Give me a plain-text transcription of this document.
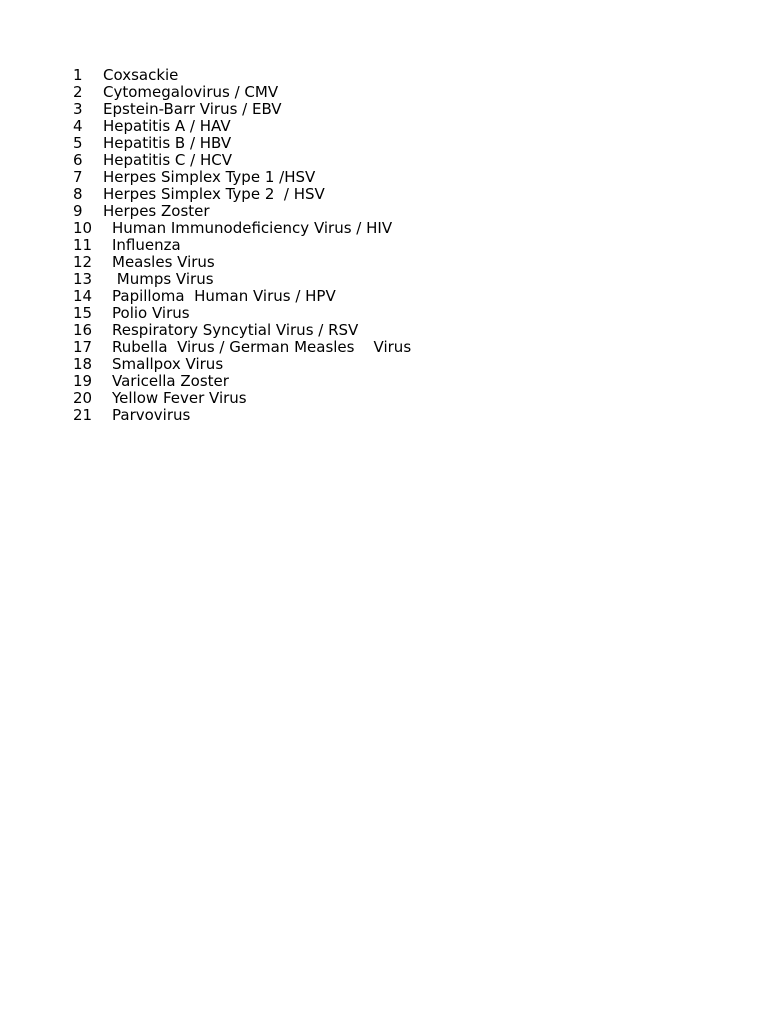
1	Coxsackie
2	Cytomegalovirus / CMV
3	Epstein-Barr Virus / EBV
4	Hepatitis A / HAV
5	Hepatitis B / HBV
6	Hepatitis C / HCV
7	Herpes Simplex Type 1 /HSV
8	Herpes Simplex Type 2  / HSV
9	Herpes Zoster
10	Human Immunodeficiency Virus / HIV
11	Influenza
12	Measles Virus
13	Mumps Virus
14	Papilloma  Human Virus / HPV
15	Polio Virus
16	Respiratory Syncytial Virus / RSV
17	Rubella  Virus / German Measles    Virus
18	Smallpox Virus
19	Varicella Zoster
20	Yellow Fever Virus
21	Parvovirus
